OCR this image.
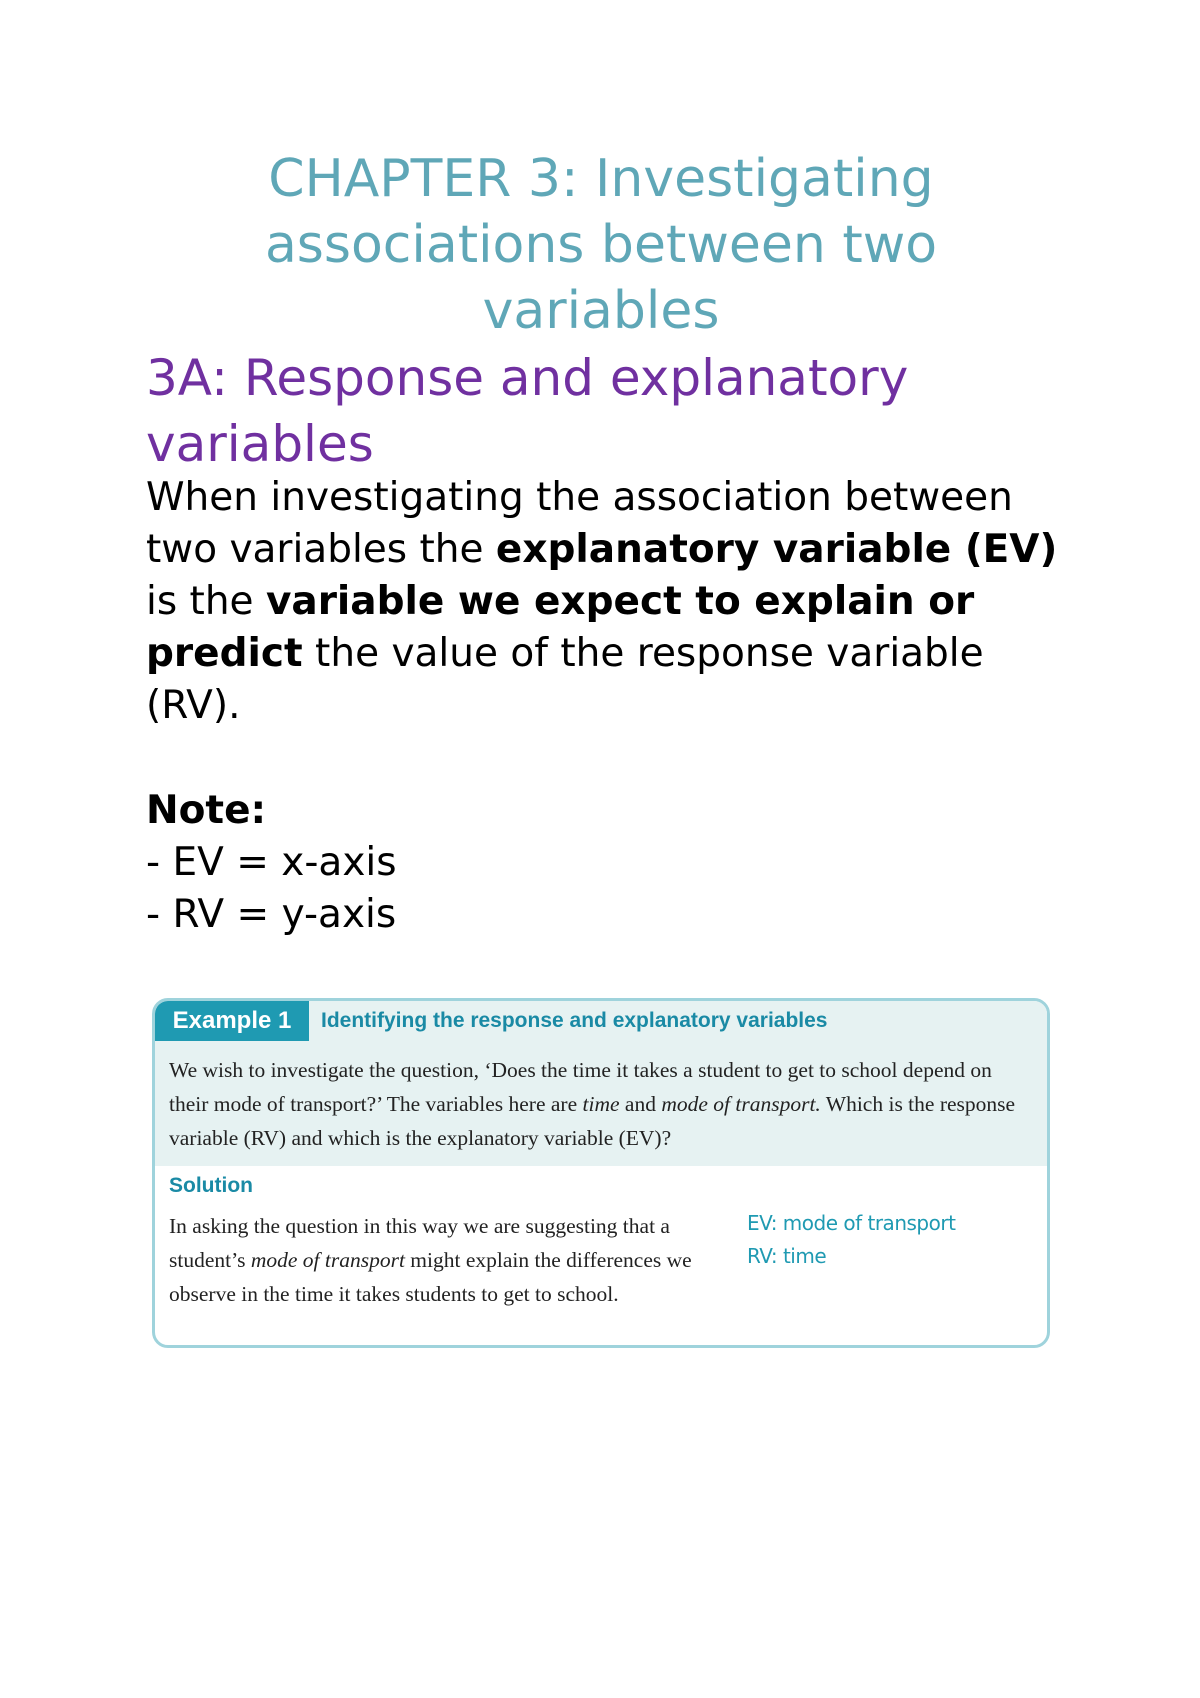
CHAPTER 3: Investigating associations between two variables
3A: Response and explanatory variables

When investigating the association between two variables the explanatory variable (EV) is the variable we expect to explain or predict the value of the response variable (RV).

Note:
- EV = x-axis
- RV = y-axis
Example 1	Identifying the response and explanatory variables
We wish to investigate the question, ‘Does the time it takes a student to get to school depend on their mode of transport?’ The variables here are time and mode of transport. Which is the response variable (RV) and which is the explanatory variable (EV)?
Solution
In asking the question in this way we are suggesting that a student’s mode of transport might explain the differences we observe in the time it takes students to get to school.
EV: mode of transport
RV: time
